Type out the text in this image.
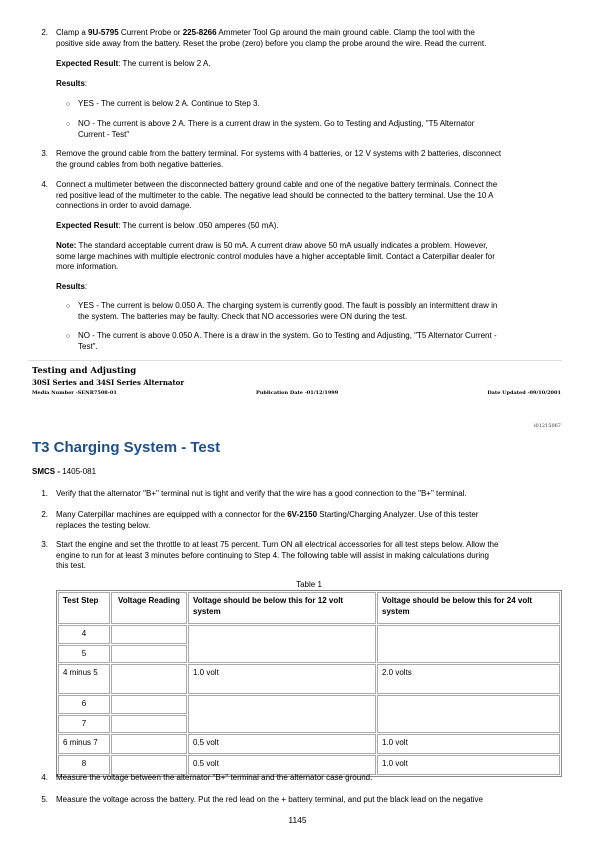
2. Clamp a 9U-5795 Current Probe or 225-8266 Ammeter Tool Gp around the main ground cable. Clamp the tool with the
positive side away from the battery. Reset the probe (zero) before you clamp the probe around the wire. Read the current.

Expected Result: The current is below 2 A.

Results:

○ YES - The current is below 2 A. Continue to Step 3.

○ NO - The current is above 2 A. There is a current draw in the system. Go to Testing and Adjusting, "T5 Alternator
Current - Test"

3. Remove the ground cable from the battery terminal. For systems with 4 batteries, or 12 V systems with 2 batteries, disconnect
the ground cables from both negative batteries.

4. Connect a multimeter between the disconnected battery ground cable and one of the negative battery terminals. Connect the
red positive lead of the multimeter to the cable. The negative lead should be connected to the battery terminal. Use the 10 A
connections in order to avoid damage.

Expected Result: The current is below .050 amperes (50 mA).

Note: The standard acceptable current draw is 50 mA. A current draw above 50 mA usually indicates a problem. However,
some large machines with multiple electronic control modules have a higher acceptable limit. Contact a Caterpillar dealer for
more information.

Results:

○ YES - The current is below 0.050 A. The charging system is currently good. The fault is possibly an intermittent draw in
the system. The batteries may be faulty. Check that NO accessories were ON during the test.

○ NO - The current is above 0.050 A. There is a draw in the system. Go to Testing and Adjusting, "T5 Alternator Current -
Test".

Testing and Adjusting

30SI Series and 34SI Series Alternator

Media Number -SENR7508-01	Publication Date -01/12/1999	Date Updated -09/10/2001

i01215067

T3 Charging System - Test

SMCS - 1405-081

1. Verify that the alternator "B+" terminal nut is tight and verify that the wire has a good connection to the "B+" terminal.

2. Many Caterpillar machines are equipped with a connector for the 6V-2150 Starting/Charging Analyzer. Use of this tester
replaces the testing below.

3. Start the engine and set the throttle to at least 75 percent. Turn ON all electrical accessories for all test steps below. Allow the
engine to run for at least 3 minutes before continuing to Step 4. The following table will assist in making calculations during
this test.

Table 1

Test Step	Voltage Reading	Voltage should be below this for 12 volt system	Voltage should be below this for 24 volt system
4			
5			
4 minus 5		1.0 volt	2.0 volts
6			
7			
6 minus 7		0.5 volt	1.0 volt
8		0.5 volt	1.0 volt
4. Measure the voltage between the alternator "B+" terminal and the alternator case ground.

5. Measure the voltage across the battery. Put the red lead on the + battery terminal, and put the black lead on the negative

1145
